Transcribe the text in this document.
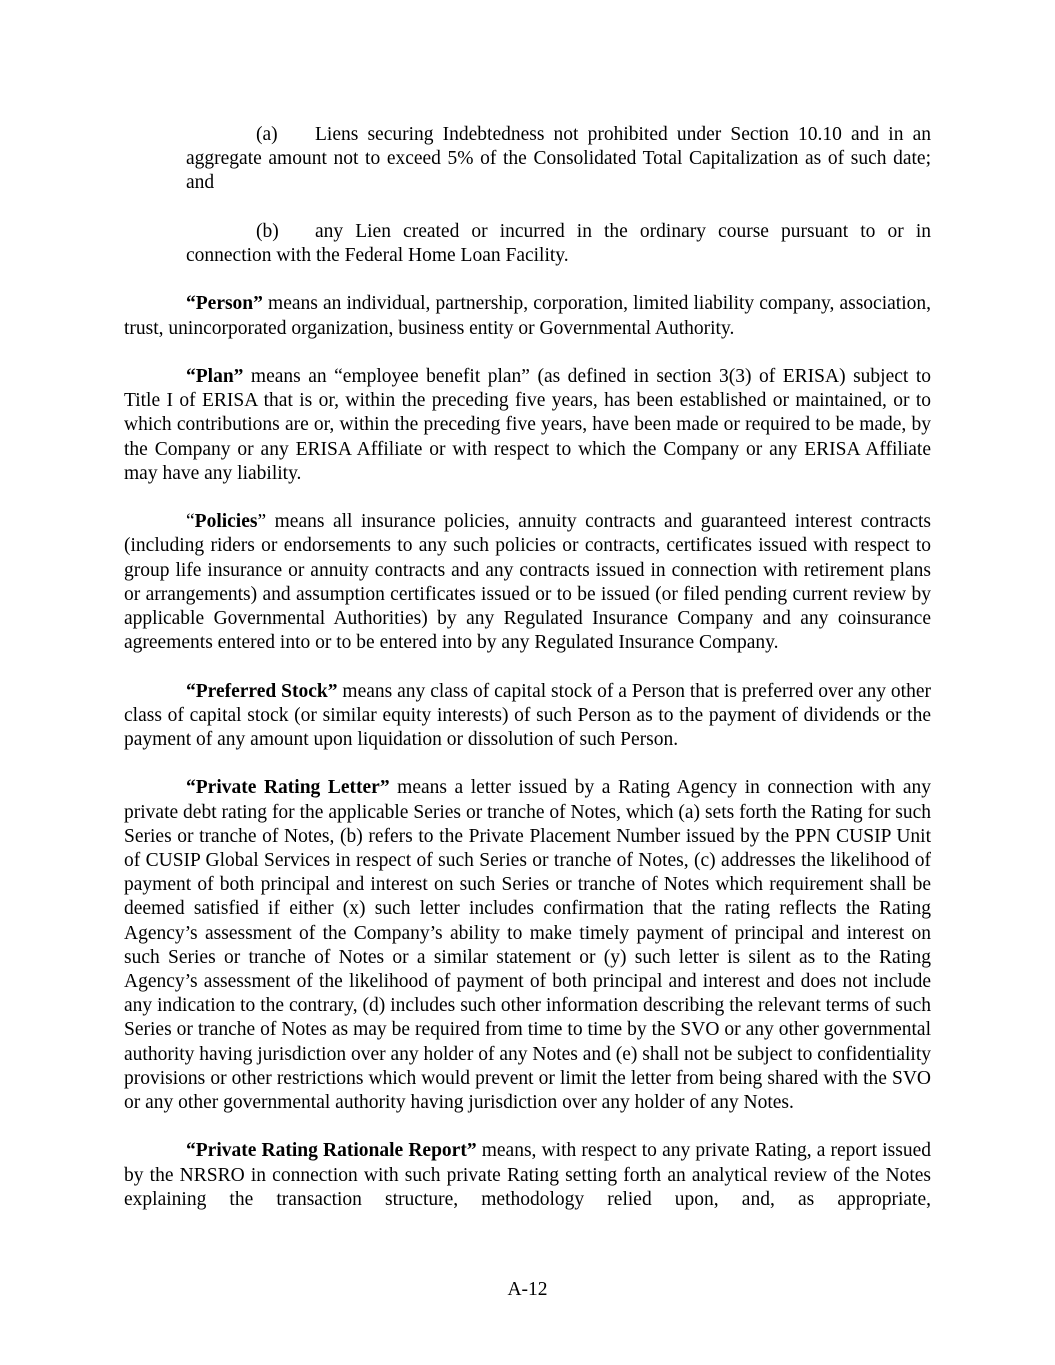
(a) Liens securing Indebtedness not prohibited under Section 10.10 and in an aggregate amount not to exceed 5% of the Consolidated Total Capitalization as of such date; and

(b) any Lien created or incurred in the ordinary course pursuant to or in connection with the Federal Home Loan Facility.

“Person” means an individual, partnership, corporation, limited liability company, association, trust, unincorporated organization, business entity or Governmental Authority.

“Plan” means an “employee benefit plan” (as defined in section 3(3) of ERISA) subject to Title I of ERISA that is or, within the preceding five years, has been established or maintained, or to which contributions are or, within the preceding five years, have been made or required to be made, by the Company or any ERISA Affiliate or with respect to which the Company or any ERISA Affiliate may have any liability.

“Policies” means all insurance policies, annuity contracts and guaranteed interest contracts (including riders or endorsements to any such policies or contracts, certificates issued with respect to group life insurance or annuity contracts and any contracts issued in connection with retirement plans or arrangements) and assumption certificates issued or to be issued (or filed pending current review by applicable Governmental Authorities) by any Regulated Insurance Company and any coinsurance agreements entered into or to be entered into by any Regulated Insurance Company.

“Preferred Stock” means any class of capital stock of a Person that is preferred over any other class of capital stock (or similar equity interests) of such Person as to the payment of dividends or the payment of any amount upon liquidation or dissolution of such Person.

“Private Rating Letter” means a letter issued by a Rating Agency in connection with any private debt rating for the applicable Series or tranche of Notes, which (a) sets forth the Rating for such Series or tranche of Notes, (b) refers to the Private Placement Number issued by the PPN CUSIP Unit of CUSIP Global Services in respect of such Series or tranche of Notes, (c) addresses the likelihood of payment of both principal and interest on such Series or tranche of Notes which requirement shall be deemed satisfied if either (x) such letter includes confirmation that the rating reflects the Rating Agency’s assessment of the Company’s ability to make timely payment of principal and interest on such Series or tranche of Notes or a similar statement or (y) such letter is silent as to the Rating Agency’s assessment of the likelihood of payment of both principal and interest and does not include any indication to the contrary, (d) includes such other information describing the relevant terms of such Series or tranche of Notes as may be required from time to time by the SVO or any other governmental authority having jurisdiction over any holder of any Notes and (e) shall not be subject to confidentiality provisions or other restrictions which would prevent or limit the letter from being shared with the SVO or any other governmental authority having jurisdiction over any holder of any Notes.

“Private Rating Rationale Report” means, with respect to any private Rating, a report issued by the NRSRO in connection with such private Rating setting forth an analytical review of the Notes explaining the transaction structure, methodology relied upon, and, as appropriate,

A-12
